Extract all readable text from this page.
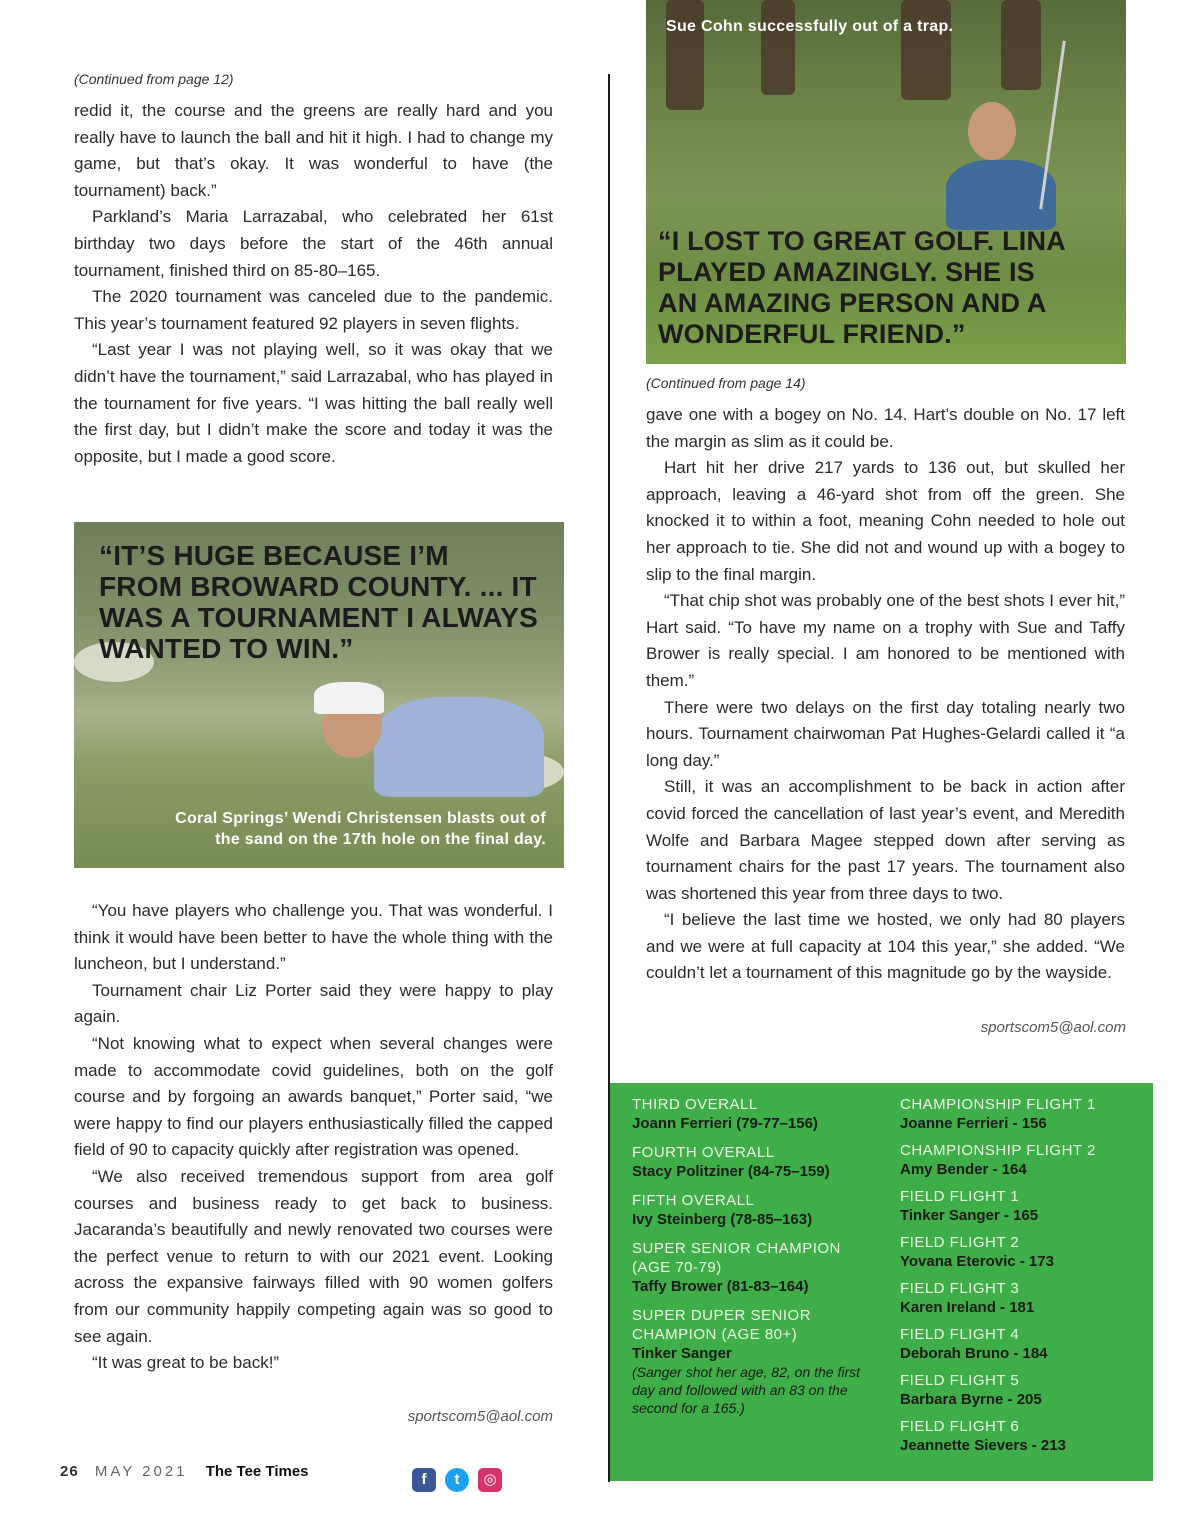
(Continued from page 12)

redid it, the course and the greens are really hard and you really have to launch the ball and hit it high. I had to change my game, but that’s okay. It was wonderful to have (the tournament) back.”

Parkland’s Maria Larrazabal, who celebrated her 61st birthday two days before the start of the 46th annual tournament, finished third on 85-80–165.

The 2020 tournament was canceled due to the pandemic. This year’s tournament featured 92 players in seven flights.

“Last year I was not playing well, so it was okay that we didn’t have the tournament,” said Larrazabal, who has played in the tournament for five years. “I was hitting the ball really well the first day, but I didn’t make the score and today it was the opposite, but I made a good score.

“IT’S HUGE BECAUSE I’M FROM BROWARD COUNTY. ... IT WAS A TOURNAMENT I ALWAYS WANTED TO WIN.”
Coral Springs’ Wendi Christensen blasts out of the sand on the 17th hole on the final day.

“You have players who challenge you. That was wonderful. I think it would have been better to have the whole thing with the luncheon, but I understand.”

Tournament chair Liz Porter said they were happy to play again.

“Not knowing what to expect when several changes were made to accommodate covid guidelines, both on the golf course and by forgoing an awards banquet,” Porter said, “we were happy to find our players enthusiastically filled the capped field of 90 to capacity quickly after registration was opened.

“We also received tremendous support from area golf courses and business ready to get back to business. Jacaranda’s beautifully and newly renovated two courses were the perfect venue to return to with our 2021 event. Looking across the expansive fairways filled with 90 women golfers from our community happily competing again was so good to see again.

“It was great to be back!”

sportscom5@aol.com
Sue Cohn successfully out of a trap.
“I LOST TO GREAT GOLF. LINA PLAYED AMAZINGLY. SHE IS AN AMAZING PERSON AND A WONDERFUL FRIEND.”
(Continued from page 14)

gave one with a bogey on No. 14. Hart’s double on No. 17 left the margin as slim as it could be.

Hart hit her drive 217 yards to 136 out, but skulled her approach, leaving a 46-yard shot from off the green. She knocked it to within a foot, meaning Cohn needed to hole out her approach to tie. She did not and wound up with a bogey to slip to the final margin.

“That chip shot was probably one of the best shots I ever hit,” Hart said. “To have my name on a trophy with Sue and Taffy Brower is really special. I am honored to be mentioned with them.”

There were two delays on the first day totaling nearly two hours. Tournament chairwoman Pat Hughes-Gelardi called it “a long day.”

Still, it was an accomplishment to be back in action after covid forced the cancellation of last year’s event, and Meredith Wolfe and Barbara Magee stepped down after serving as tournament chairs for the past 17 years. The tournament also was shortened this year from three days to two.

“I believe the last time we hosted, we only had 80 players and we were at full capacity at 104 this year,” she added. “We couldn’t let a tournament of this magnitude go by the wayside.

sportscom5@aol.com
THIRD OVERALL
Joann Ferrieri (79-77–156)
FOURTH OVERALL
Stacy Politziner (84-75–159)
FIFTH OVERALL
Ivy Steinberg (78-85–163)
SUPER SENIOR CHAMPION (AGE 70-79)
Taffy Brower (81-83–164)
SUPER DUPER SENIOR CHAMPION (AGE 80+)
Tinker Sanger
(Sanger shot her age, 82, on the first day and followed with an 83 on the second for a 165.)
CHAMPIONSHIP FLIGHT 1
Joanne Ferrieri - 156
CHAMPIONSHIP FLIGHT 2
Amy Bender - 164
FIELD FLIGHT 1
Tinker Sanger - 165
FIELD FLIGHT 2
Yovana Eterovic - 173
FIELD FLIGHT 3
Karen Ireland - 181
FIELD FLIGHT 4
Deborah Bruno - 184
FIELD FLIGHT 5
Barbara Byrne - 205
FIELD FLIGHT 6
Jeannette Sievers - 213
26 MAY 2021 The Tee Times	f	t	◎
